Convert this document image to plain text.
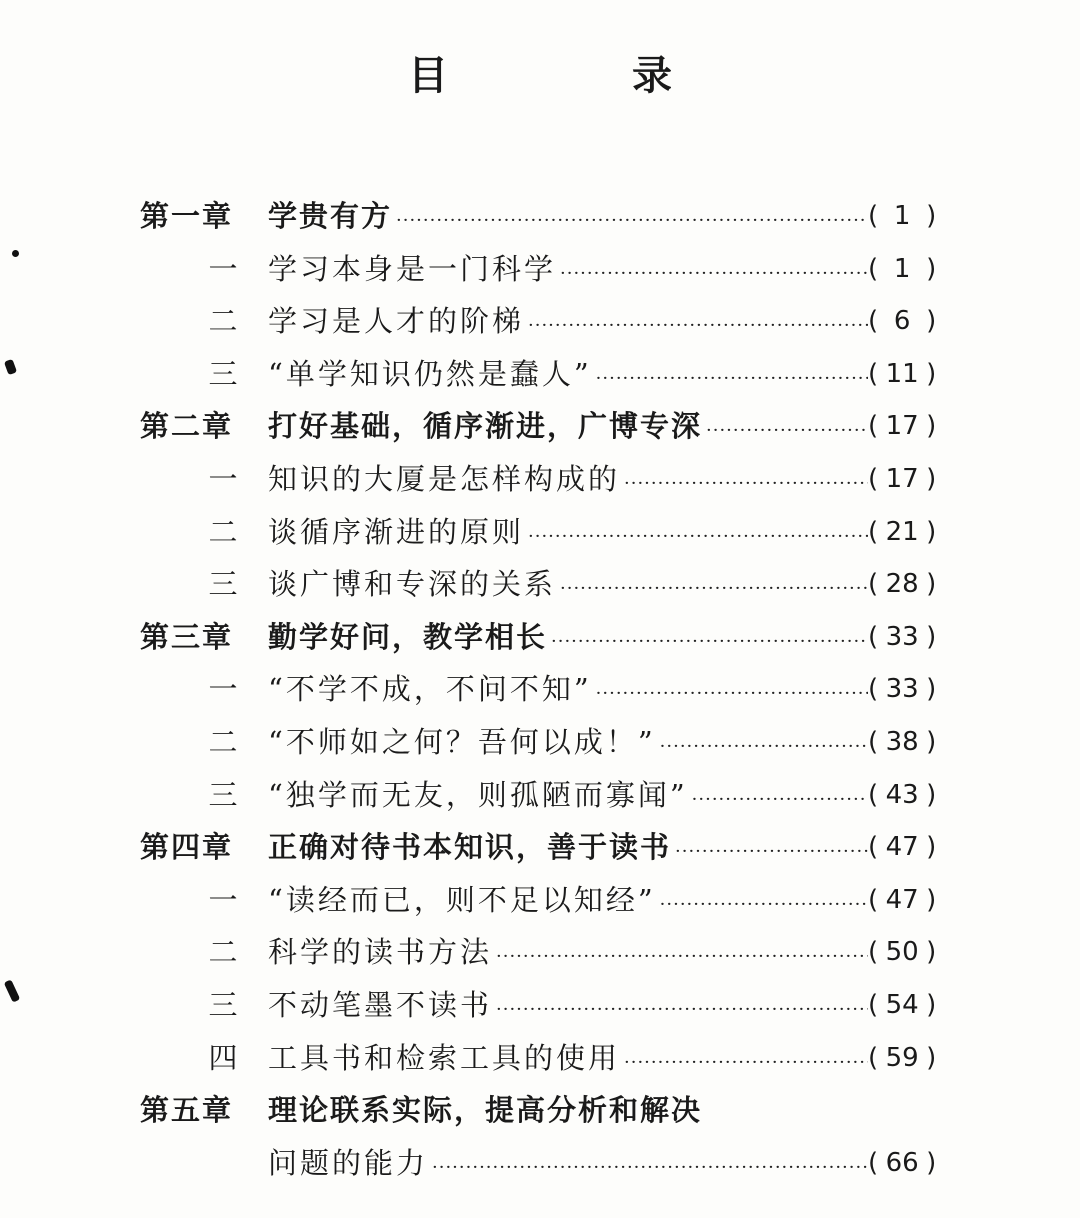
目　录
第一章 学贵有方 ·····	( 1 )
一 学习本身是一门科学 ·····	( 1 )
二 学习是人才的阶梯 ·····	( 6 )
三 “单学知识仍然是蠢人” ·····	( 11 )
第二章 打好基础，循序渐进，广博专深 ·····	( 17 )
一 知识的大厦是怎样构成的 ·····	( 17 )
二 谈循序渐进的原则 ·····	( 21 )
三 谈广博和专深的关系 ·····	( 28 )
第三章 勤学好问，教学相长 ·····	( 33 )
一 “不学不成，不问不知” ·····	( 33 )
二 “不师如之何？吾何以成！” ·····	( 38 )
三 “独学而无友，则孤陋而寡闻” ·····	( 43 )
第四章 正确对待书本知识，善于读书 ·····	( 47 )
一 “读经而已，则不足以知经” ·····	( 47 )
二 科学的读书方法 ·····	( 50 )
三 不动笔墨不读书 ·····	( 54 )
四 工具书和检索工具的使用 ·····	( 59 )
第五章 理论联系实际，提高分析和解决
问题的能力 ·····	( 66 )
